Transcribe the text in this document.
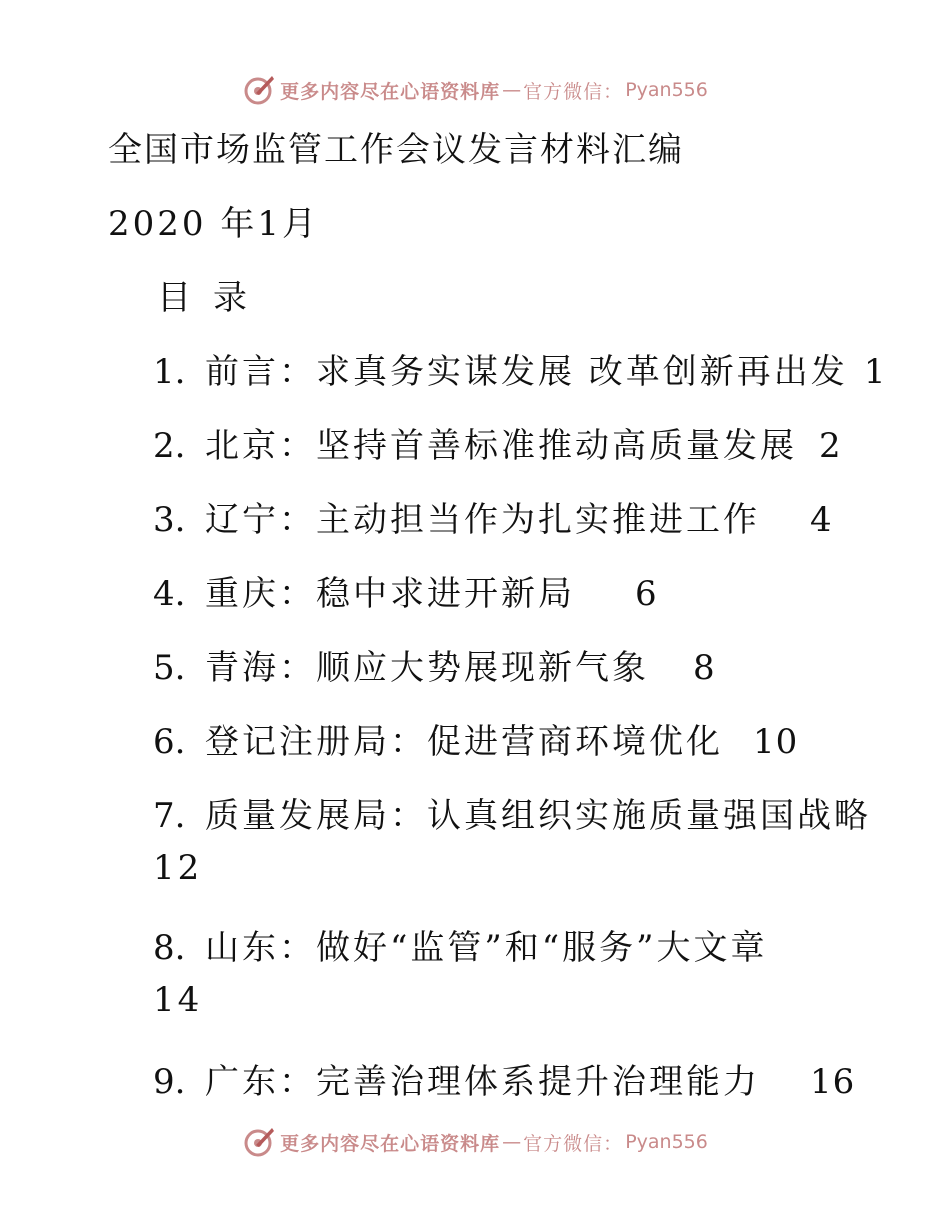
更多内容尽在心语资料库 — 官方微信： Pyan556
全国市场监管工作会议发言材料汇编
2020 年1月
目 录
1. 前言：求真务实谋发展 改革创新再出发 1
2. 北京：坚持首善标准推动高质量发展 2
3. 辽宁：主动担当作为扎实推进工作 4
4. 重庆：稳中求进开新局 6
5. 青海：顺应大势展现新气象 8
6. 登记注册局：促进营商环境优化 10
7. 质量发展局：认真组织实施质量强国战略
12
8. 山东：做好“监管”和“服务”大文章
14
9. 广东：完善治理体系提升治理能力 16
更多内容尽在心语资料库 — 官方微信： Pyan556
